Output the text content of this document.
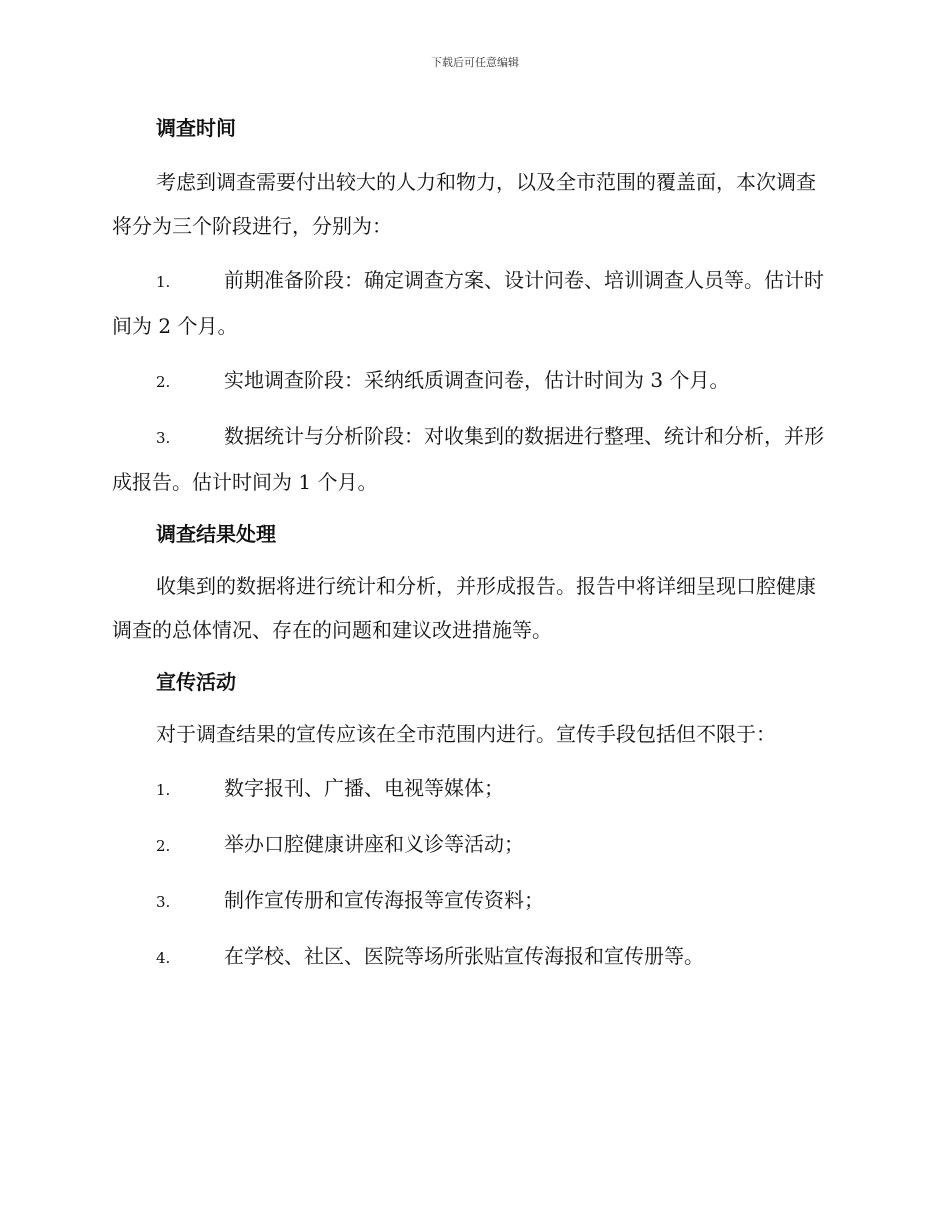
下载后可任意编辑
调查时间

考虑到调查需要付出较大的人力和物力，以及全市范围的覆盖面，本次调查将分为三个阶段进行，分别为：

1.	前期准备阶段：确定调查方案、设计问卷、培训调查人员等。估计时间为 2 个月。

2.	实地调查阶段：采纳纸质调查问卷，估计时间为 3 个月。

3.	数据统计与分析阶段：对收集到的数据进行整理、统计和分析，并形成报告。估计时间为 1 个月。

调查结果处理

收集到的数据将进行统计和分析，并形成报告。报告中将详细呈现口腔健康调查的总体情况、存在的问题和建议改进措施等。

宣传活动

对于调查结果的宣传应该在全市范围内进行。宣传手段包括但不限于：

1.	数字报刊、广播、电视等媒体；

2.	举办口腔健康讲座和义诊等活动；

3.	制作宣传册和宣传海报等宣传资料；

4.	在学校、社区、医院等场所张贴宣传海报和宣传册等。
